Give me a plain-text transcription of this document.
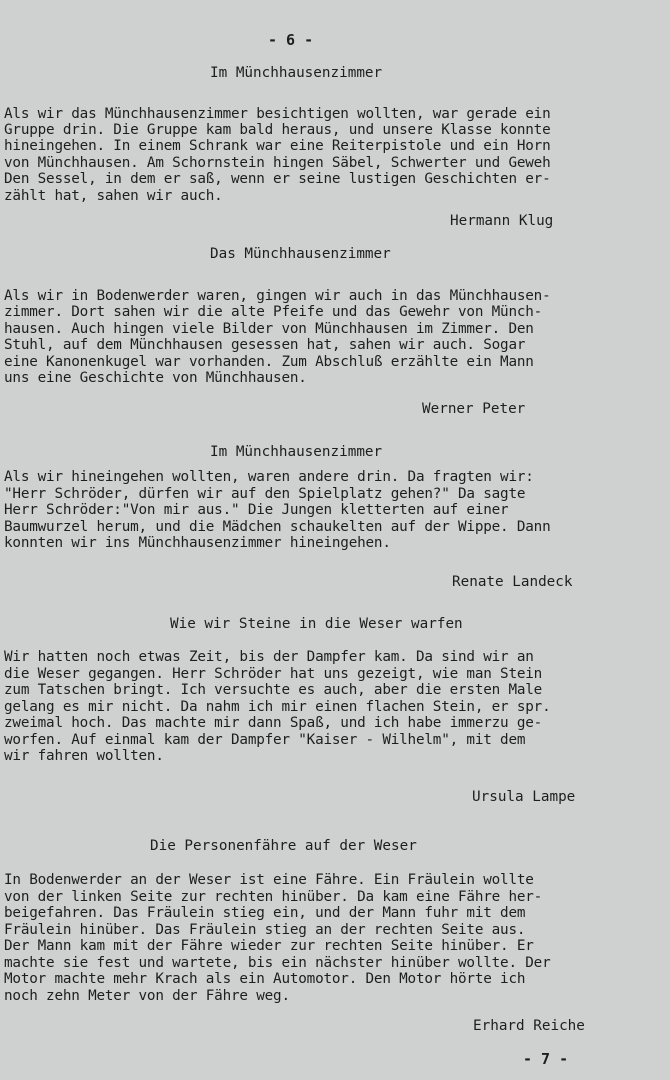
- 6 -
Im Münchhausenzimmer
Als wir das Münchhausenzimmer besichtigen wollten, war gerade ein
Gruppe drin. Die Gruppe kam bald heraus, und unsere Klasse konnte
hineingehen. In einem Schrank war eine Reiterpistole und ein Horn
von Münchhausen. Am Schornstein hingen Säbel, Schwerter und Geweh
Den Sessel, in dem er saß, wenn er seine lustigen Geschichten er-
zählt hat, sahen wir auch.
Hermann Klug
Das Münchhausenzimmer
Als wir in Bodenwerder waren, gingen wir auch in das Münchhausen-
zimmer. Dort sahen wir die alte Pfeife und das Gewehr von Münch-
hausen. Auch hingen viele Bilder von Münchhausen im Zimmer. Den
Stuhl, auf dem Münchhausen gesessen hat, sahen wir auch. Sogar
eine Kanonenkugel war vorhanden. Zum Abschluß erzählte ein Mann
uns eine Geschichte von Münchhausen.
Werner Peter
Im Münchhausenzimmer
Als wir hineingehen wollten, waren andere drin. Da fragten wir:
"Herr Schröder, dürfen wir auf den Spielplatz gehen?" Da sagte
Herr Schröder:"Von mir aus." Die Jungen kletterten auf einer
Baumwurzel herum, und die Mädchen schaukelten auf der Wippe. Dann
konnten wir ins Münchhausenzimmer hineingehen.
Renate Landeck
Wie wir Steine in die Weser warfen
Wir hatten noch etwas Zeit, bis der Dampfer kam. Da sind wir an
die Weser gegangen. Herr Schröder hat uns gezeigt, wie man Stein
zum Tatschen bringt. Ich versuchte es auch, aber die ersten Male
gelang es mir nicht. Da nahm ich mir einen flachen Stein, er spr.
zweimal hoch. Das machte mir dann Spaß, und ich habe immerzu ge-
worfen. Auf einmal kam der Dampfer "Kaiser - Wilhelm", mit dem
wir fahren wollten.
Ursula Lampe
Die Personenfähre auf der Weser
In Bodenwerder an der Weser ist eine Fähre. Ein Fräulein wollte
von der linken Seite zur rechten hinüber. Da kam eine Fähre her-
beigefahren. Das Fräulein stieg ein, und der Mann fuhr mit dem
Fräulein hinüber. Das Fräulein stieg an der rechten Seite aus.
Der Mann kam mit der Fähre wieder zur rechten Seite hinüber. Er
machte sie fest und wartete, bis ein nächster hinüber wollte. Der
Motor machte mehr Krach als ein Automotor. Den Motor hörte ich
noch zehn Meter von der Fähre weg.
Erhard Reiche
- 7 -
